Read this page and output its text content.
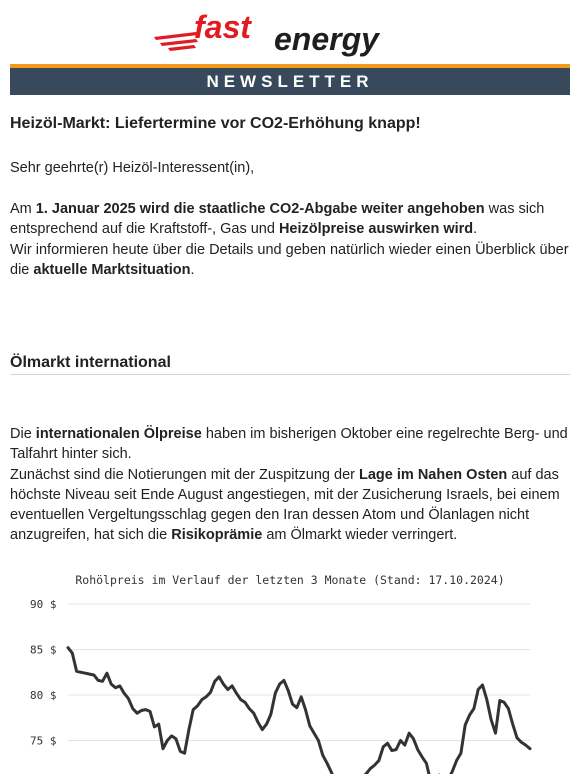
fast energy
NEWSLETTER
Heizöl-Markt: Liefertermine vor CO2-Erhöhung knapp!
Sehr geehrte(r) Heizöl-Interessent(in),
Am 1. Januar 2025 wird die staatliche CO2-Abgabe weiter angehoben was sich entsprechend auf die Kraftstoff-, Gas und Heizölpreise auswirken wird.
Wir informieren heute über die Details und geben natürlich wieder einen Überblick über die aktuelle Marktsituation.
Ölmarkt international
Die internationalen Ölpreise haben im bisherigen Oktober eine regelrechte Berg- und Talfahrt hinter sich.
Zunächst sind die Notierungen mit der Zuspitzung der Lage im Nahen Osten auf das höchste Niveau seit Ende August angestiegen, mit der Zusicherung Israels, bei einem eventuellen Vergeltungsschlag gegen den Iran dessen Atom und Ölanlagen nicht anzugreifen, hat sich die Risikoprämie am Ölmarkt wieder verringert.
Rohölpreis im Verlauf der letzten 3 Monate (Stand: 17.10.2024)
90 $
85 $
80 $
75 $
